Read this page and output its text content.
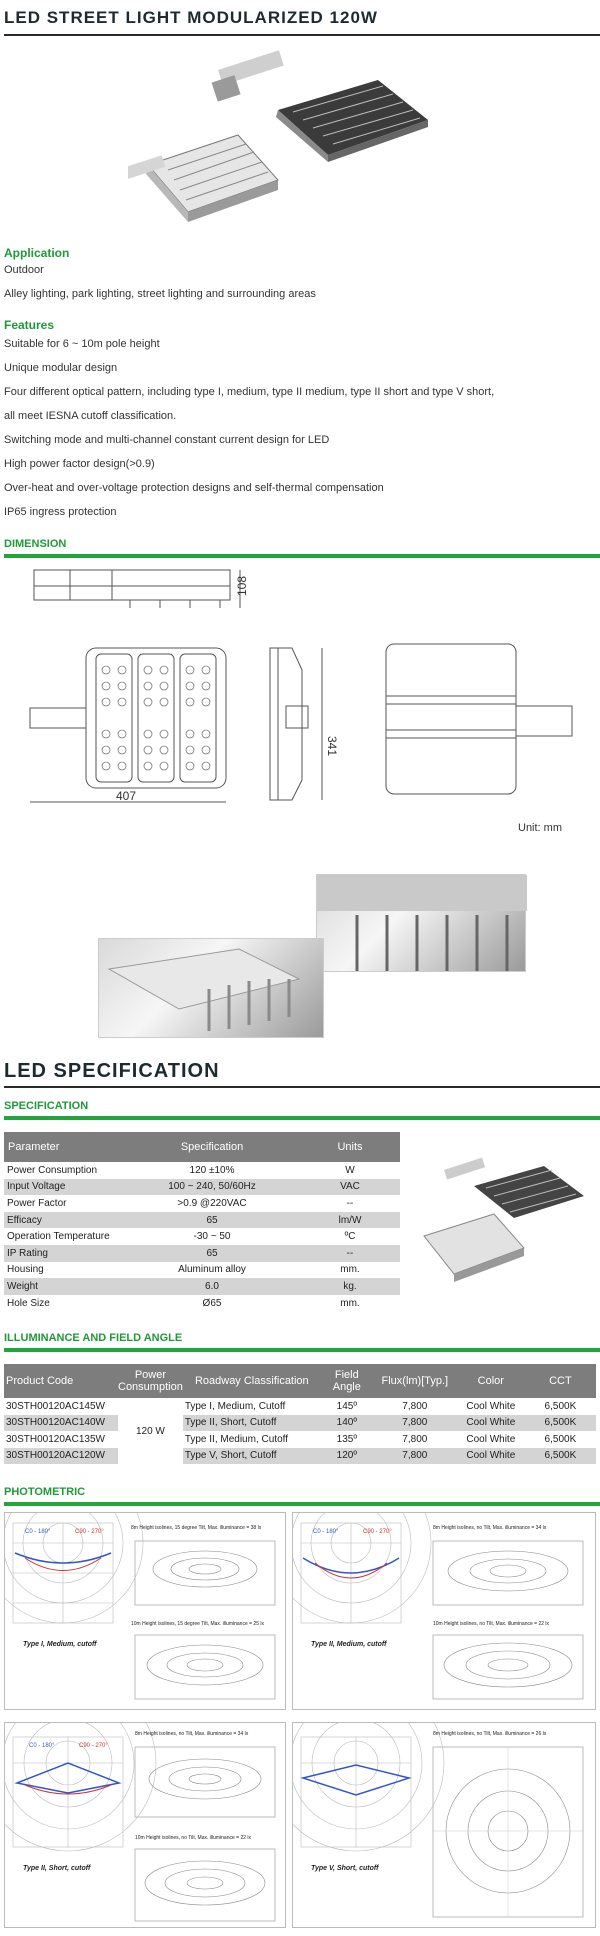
LED STREET LIGHT MODULARIZED 120W
Application
Outdoor
Alley lighting, park lighting, street lighting and surrounding areas
Features
Suitable for 6 ~ 10m pole height
Unique modular design
Four different optical pattern, including type I, medium, type II medium, type II short and type V short,
all meet IESNA cutoff classification.
Switching mode and multi-channel constant current design for LED
High power factor design(>0.9)
Over-heat and over-voltage protection designs and self-thermal compensation
IP65 ingress protection
DIMENSION
108
407
341
Unit: mm
LED SPECIFICATION
SPECIFICATION
Parameter	Specification	Units
Power Consumption	120 ±10%	W
Input Voltage	100 ~ 240, 50/60Hz	VAC
Power Factor	>0.9 @220VAC	--
Efficacy	65	lm/W
Operation Temperature	-30 ~ 50	ºC
IP Rating	65	--
Housing	Aluminum alloy	mm.
Weight	6.0	kg.
Hole Size	Ø65	mm.
ILLUMINANCE AND FIELD ANGLE
Product Code	Power Consumption	Roadway Classification	Field Angle	Flux(lm)[Typ.]	Color	CCT
30STH00120AC145W	120 W	Type I, Medium, Cutoff	145º	7,800	Cool White	6,500K
30STH00120AC140W		Type II, Short, Cutoff	140º	7,800	Cool White	6,500K
30STH00120AC135W		Type II, Medium, Cutoff	135º	7,800	Cool White	6,500K
30STH00120AC120W		Type V, Short, Cutoff	120º	7,800	Cool White	6,500K
PHOTOMETRIC
C0 - 180°	C90 - 270°
8m Height isolines, 15 degree Tilt, Max. illuminance = 38 lx
10m Height isolines, 15 degree Tilt, Max. illuminance = 25 lx
Type I, Medium, cutoff
C0 - 180°	C90 - 270°
8m Height isolines, no Tilt, Max. illuminance = 34 lx
10m Height isolines, no Tilt, Max. illuminance = 22 lx
Type II, Medium, cutoff
C0 - 180°	C90 - 270°
8m Height isolines, no Tilt, Max. illuminance = 34 lx
10m Height isolines, no Tilt, Max. illuminance = 22 lx
Type II, Short, cutoff
8m Height isolines, no Tilt, Max. illuminance = 26 lx
Type V, Short, cutoff
